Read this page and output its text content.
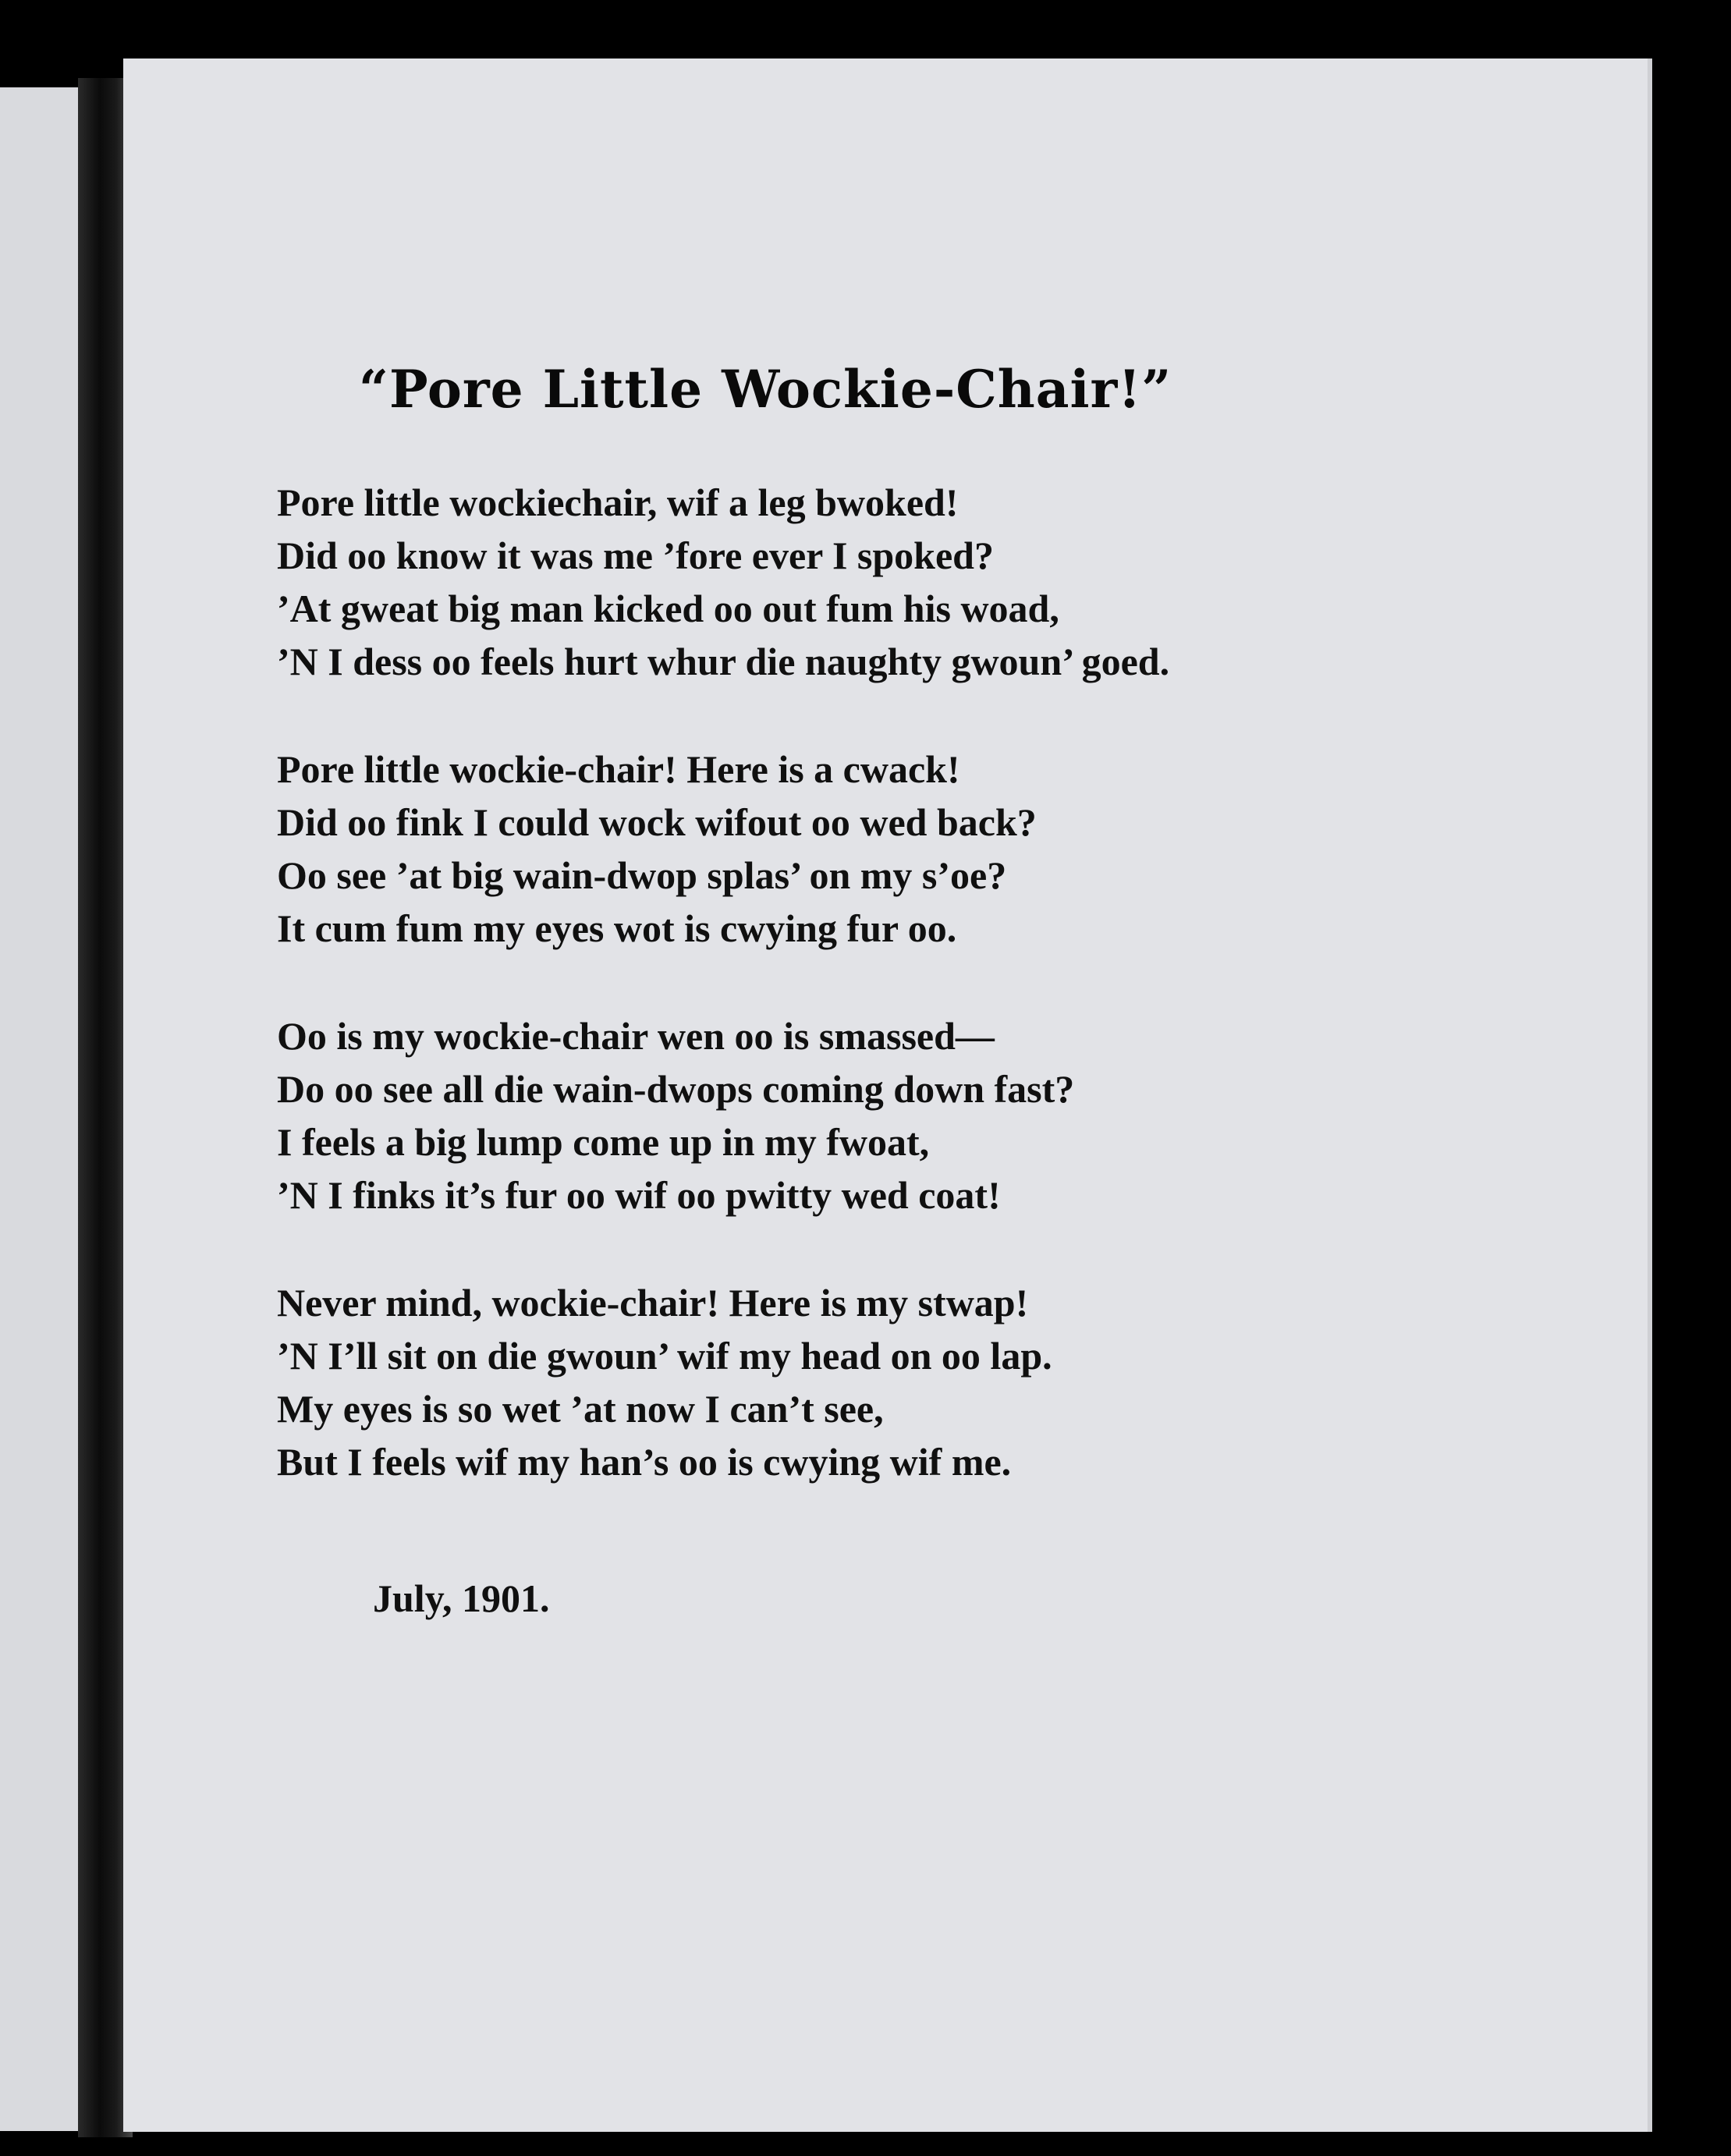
“Pore Little Wockie-Chair!”
Pore little wockiechair, wif a leg bwoked!
Did oo know it was me ’fore ever I spoked?
’At gweat big man kicked oo out fum his woad,
’N I dess oo feels hurt whur die naughty gwoun’ goed.
Pore little wockie-chair! Here is a cwack!
Did oo fink I could wock wifout oo wed back?
Oo see ’at big wain-dwop splas’ on my s’oe?
It cum fum my eyes wot is cwying fur oo.
Oo is my wockie-chair wen oo is smassed—
Do oo see all die wain-dwops coming down fast?
I feels a big lump come up in my fwoat,
’N I finks it’s fur oo wif oo pwitty wed coat!
Never mind, wockie-chair! Here is my stwap!
’N I’ll sit on die gwoun’ wif my head on oo lap.
My eyes is so wet ’at now I can’t see,
But I feels wif my han’s oo is cwying wif me.
July, 1901.
